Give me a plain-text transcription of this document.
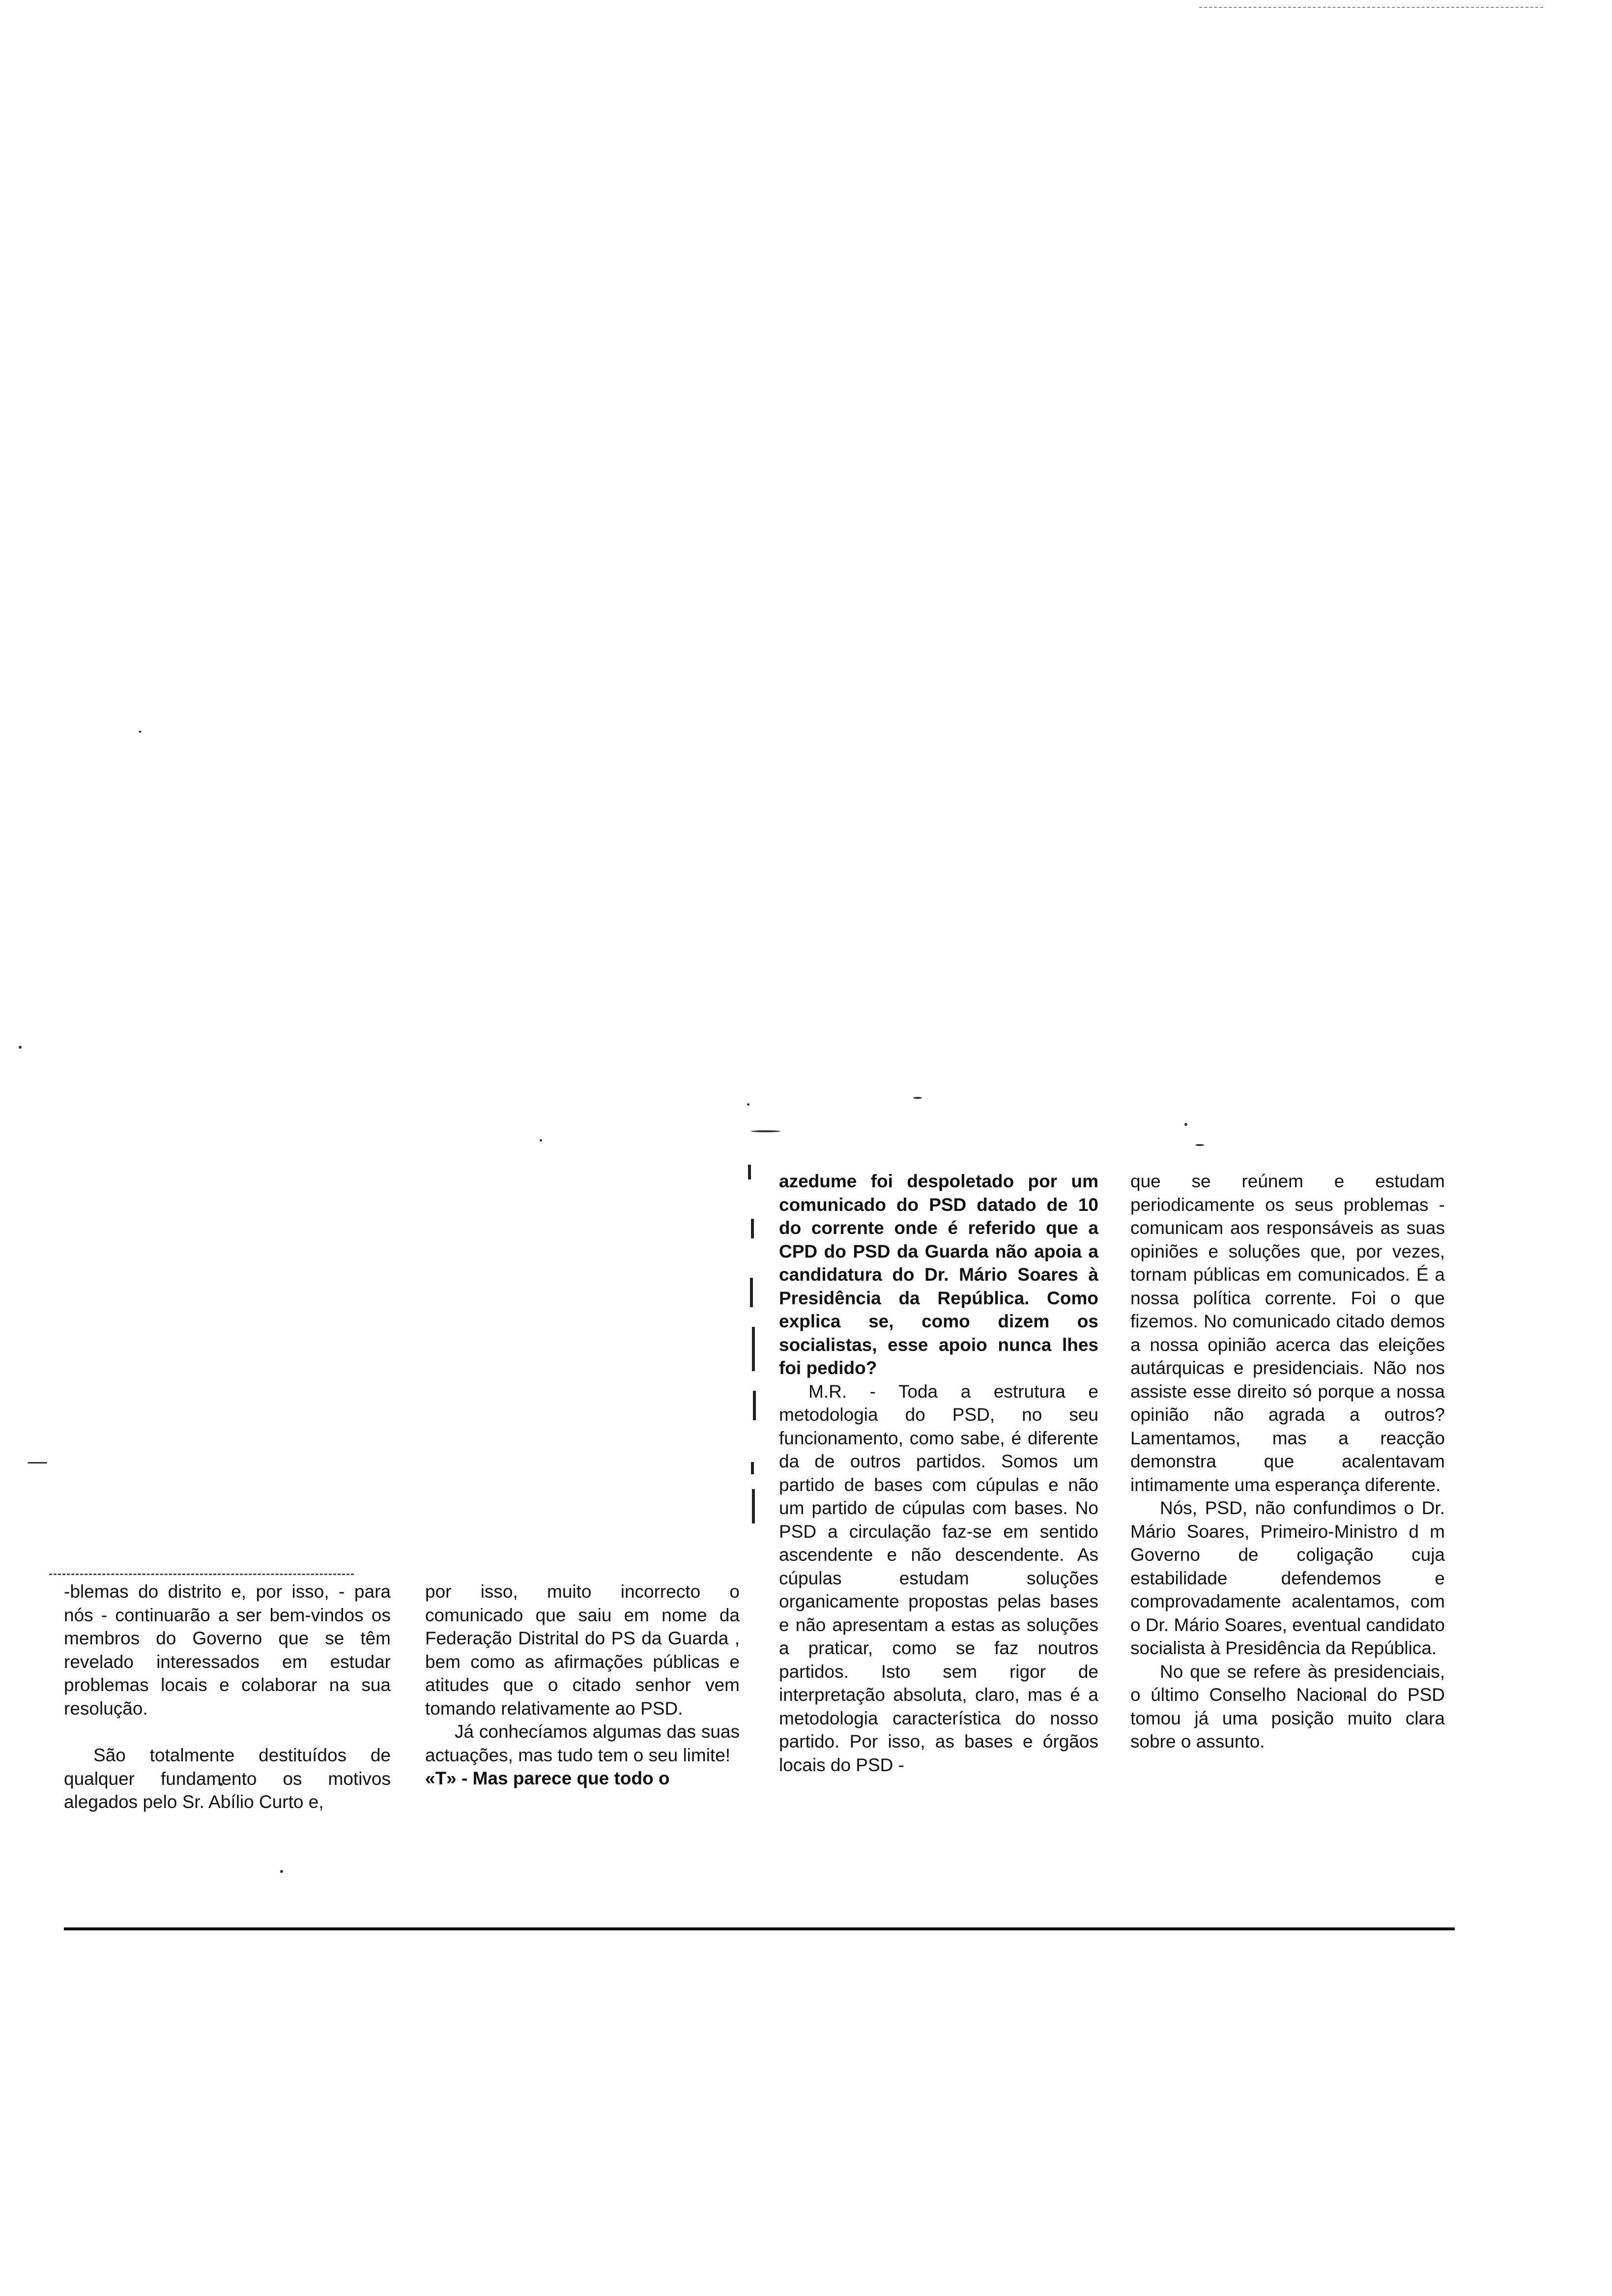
-blemas do distrito e, por isso, - para nós - continuarão a ser bem-vindos os membros do Governo que se têm revelado interessados em estudar problemas locais e colaborar na sua resolução.

São totalmente destituídos de qualquer fundamento os motivos alegados pelo Sr. Abílio Curto e,

por isso, muito incorrecto o comunicado que saiu em nome da Federação Distrital do PS da Guarda , bem como as afirmações públicas e atitudes que o citado senhor vem tomando relativamente ao PSD.

Já conhecíamos algumas das suas actuações, mas tudo tem o seu limite!

«T» - Mas parece que todo o

azedume foi despoletado por um comunicado do PSD datado de 10 do corrente onde é referido que a CPD do PSD da Guarda não apoia a candidatura do Dr. Mário Soares à Presidência da República. Como explica se, como dizem os socialistas, esse apoio nunca lhes foi pedido?

M.R. - Toda a estrutura e metodologia do PSD, no seu funcionamento, como sabe, é diferente da de outros partidos. Somos um partido de bases com cúpulas e não um partido de cúpulas com bases. No PSD a circulação faz-se em sentido ascendente e não descendente. As cúpulas estudam soluções organicamente propostas pelas bases e não apresentam a estas as soluções a praticar, como se faz noutros partidos. Isto sem rigor de interpretação absoluta, claro, mas é a metodologia característica do nosso partido. Por isso, as bases e órgãos locais do PSD -

que se reúnem e estudam periodicamente os seus problemas - comunicam aos responsáveis as suas opiniões e soluções que, por vezes, tornam públicas em comunicados. É a nossa política corrente. Foi o que fizemos. No comunicado citado demos a nossa opinião acerca das eleições autárquicas e presidenciais. Não nos assiste esse direito só porque a nossa opinião não agrada a outros? Lamentamos, mas a reacção demonstra que acalentavam intimamente uma esperança diferente.

Nós, PSD, não confundimos o Dr. Mário Soares, Primeiro-Ministro d m Governo de coligação cuja estabilidade defendemos e comprovadamente acalentamos, com o Dr. Mário Soares, eventual candidato socialista à Presidência da República.

No que se refere às presidenciais, o último Conselho Nacional do PSD tomou já uma posição muito clara sobre o assunto.
